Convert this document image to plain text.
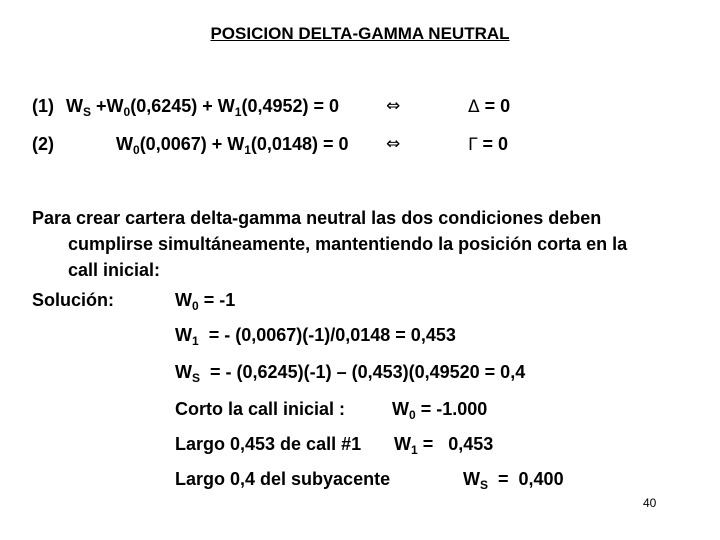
POSICION DELTA-GAMMA NEUTRAL
(1) $W_S +W_0(0,6245) + W_1(0,4952) = 0$	⇔	Δ = 0
(2)	$W_0(0,0067) + W_1(0,0148) = 0$ ⇔	Γ = 0

Para crear cartera delta-gamma neutral las dos condiciones deben

cumplirse simultáneamente, mantentiendo la posición corta en la

call inicial:

Solución:	$W_0 = -1$
$W_1$  = - (0,0067)(-1)/0,0148 = 0,453
$W_S$  = - (0,6245)(-1) – (0,453)(0,49520 = 0,4
Corto la call inicial :	$W_0 = -1.000$
Largo 0,453 de call #1 $W_1 = 0,453$
Largo 0,4 del subyacente	$W_S = 0,400$
40
